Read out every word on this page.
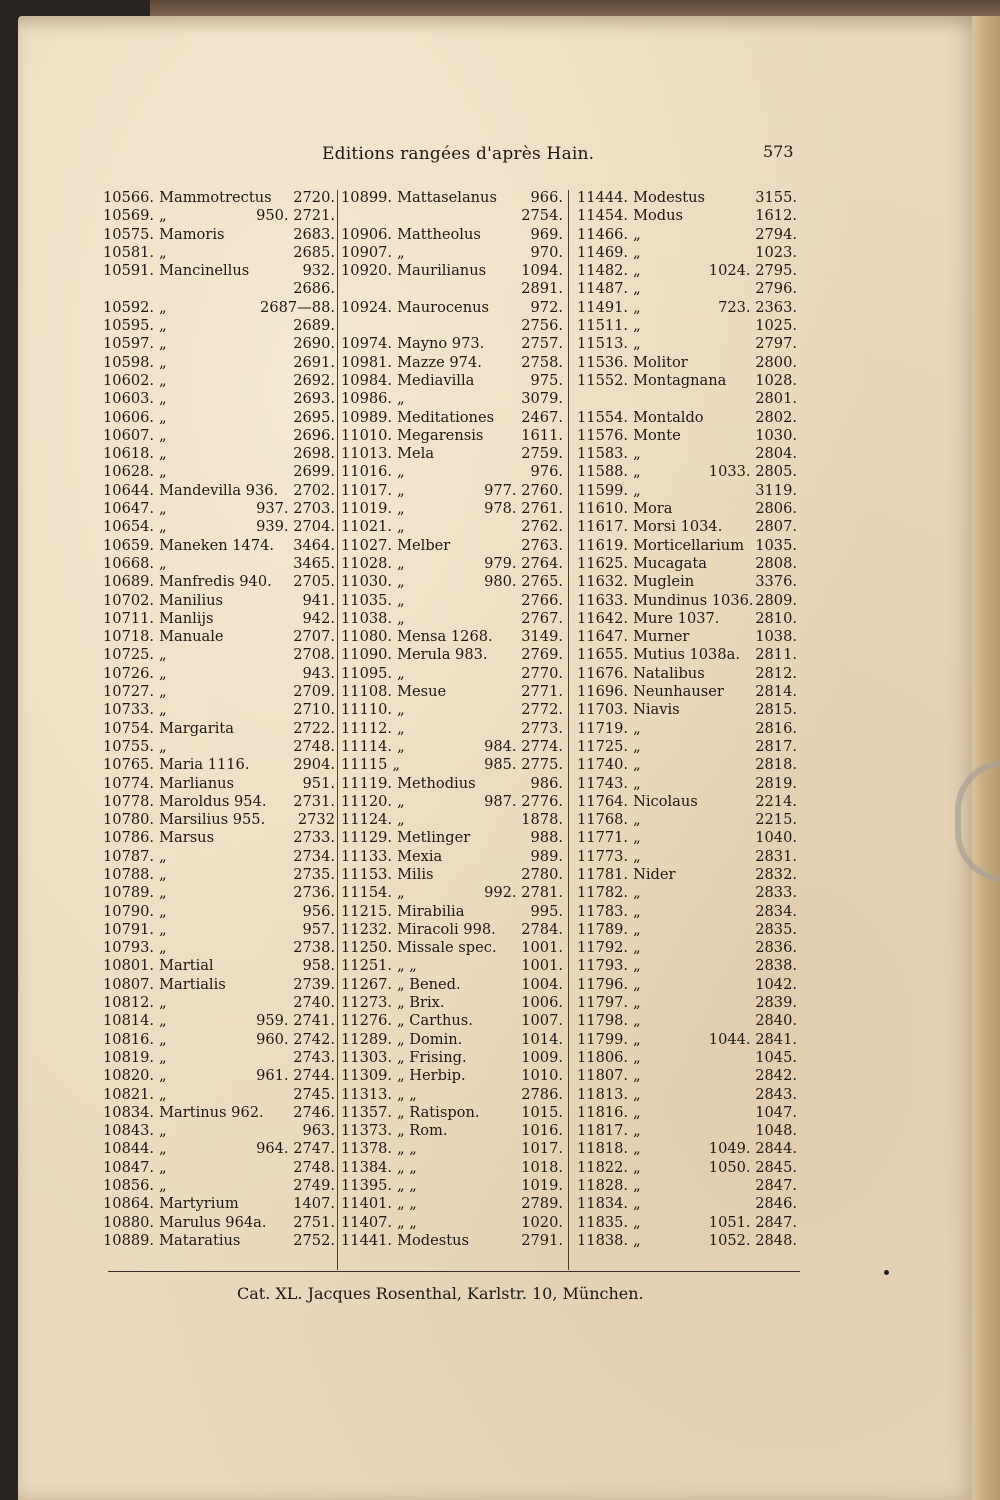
Editions rangées d'après Hain.	573
10566. Mammotrectus	2720.
10569. „	950. 2721.
10575. Mamoris	2683.
10581. „	2685.
10591. Mancinellus	932.
2686.
10592. „	2687—88.
10595. „	2689.
10597. „	2690.
10598. „	2691.
10602. „	2692.
10603. „	2693.
10606. „	2695.
10607. „	2696.
10618. „	2698.
10628. „	2699.
10644. Mandevilla 936.	2702.
10647. „	937. 2703.
10654. „	939. 2704.
10659. Maneken 1474.	3464.
10668. „	3465.
10689. Manfredis 940.	2705.
10702. Manilius	941.
10711. Manlijs	942.
10718. Manuale	2707.
10725. „	2708.
10726. „	943.
10727. „	2709.
10733. „	2710.
10754. Margarita	2722.
10755. „	2748.
10765. Maria 1116.	2904.
10774. Marlianus	951.
10778. Maroldus 954.	2731.
10780. Marsilius 955.	2732
10786. Marsus	2733.
10787. „	2734.
10788. „	2735.
10789. „	2736.
10790. „	956.
10791. „	957.
10793. „	2738.
10801. Martial	958.
10807. Martialis	2739.
10812. „	2740.
10814. „	959. 2741.
10816. „	960. 2742.
10819. „	2743.
10820. „	961. 2744.
10821. „	2745.
10834. Martinus 962.	2746.
10843. „	963.
10844. „	964. 2747.
10847. „	2748.
10856. „	2749.
10864. Martyrium	1407.
10880. Marulus 964a.	2751.
10889. Mataratius	2752.
10899. Mattaselanus	966.
2754.
10906. Mattheolus	969.
10907. „	970.
10920. Maurilianus	1094.
2891.
10924. Maurocenus	972.
2756.
10974. Mayno 973.	2757.
10981. Mazze 974.	2758.
10984. Mediavilla	975.
10986. „	3079.
10989. Meditationes	2467.
11010. Megarensis	1611.
11013. Mela	2759.
11016. „	976.
11017. „	977. 2760.
11019. „	978. 2761.
11021. „	2762.
11027. Melber	2763.
11028. „	979. 2764.
11030. „	980. 2765.
11035. „	2766.
11038. „	2767.
11080. Mensa 1268.	3149.
11090. Merula 983.	2769.
11095. „	2770.
11108. Mesue	2771.
11110. „	2772.
11112. „	2773.
11114. „	984. 2774.
11115 „	985. 2775.
11119. Methodius	986.
11120. „	987. 2776.
11124. „	1878.
11129. Metlinger	988.
11133. Mexia	989.
11153. Milis	2780.
11154. „	992. 2781.
11215. Mirabilia	995.
11232. Miracoli 998.	2784.
11250. Missale spec.	1001.
11251. „ „	1001.
11267. „ Bened.	1004.
11273. „ Brix.	1006.
11276. „ Carthus.	1007.
11289. „ Domin.	1014.
11303. „ Frising.	1009.
11309. „ Herbip.	1010.
11313. „ „	2786.
11357. „ Ratispon.	1015.
11373. „ Rom.	1016.
11378. „ „	1017.
11384. „ „	1018.
11395. „ „	1019.
11401. „ „	2789.
11407. „ „	1020.
11441. Modestus	2791.
11444. Modestus	3155.
11454. Modus	1612.
11466. „	2794.
11469. „	1023.
11482. „	1024. 2795.
11487. „	2796.
11491. „	723. 2363.
11511. „	1025.
11513. „	2797.
11536. Molitor	2800.
11552. Montagnana	1028.
2801.
11554. Montaldo	2802.
11576. Monte	1030.
11583. „	2804.
11588. „	1033. 2805.
11599. „	3119.
11610. Mora	2806.
11617. Morsi 1034.	2807.
11619. Morticellarium 1035.
11625. Mucagata	2808.
11632. Muglein	3376.
11633. Mundinus 1036. 2809.
11642. Mure 1037.	2810.
11647. Murner	1038.
11655. Mutius 1038a.	2811.
11676. Natalibus	2812.
11696. Neunhauser	2814.
11703. Niavis	2815.
11719. „	2816.
11725. „	2817.
11740. „	2818.
11743. „	2819.
11764. Nicolaus	2214.
11768. „	2215.
11771. „	1040.
11773. „	2831.
11781. Nider	2832.
11782. „	2833.
11783. „	2834.
11789. „	2835.
11792. „	2836.
11793. „	2838.
11796. „	1042.
11797. „	2839.
11798. „	2840.
11799. „	1044. 2841.
11806. „	1045.
11807. „	2842.
11813. „	2843.
11816. „	1047.
11817. „	1048.
11818. „	1049. 2844.
11822. „	1050. 2845.
11828. „	2847.
11834. „	2846.
11835. „	1051. 2847.
11838. „	1052. 2848.
Cat. XL. Jacques Rosenthal, Karlstr. 10, München.
